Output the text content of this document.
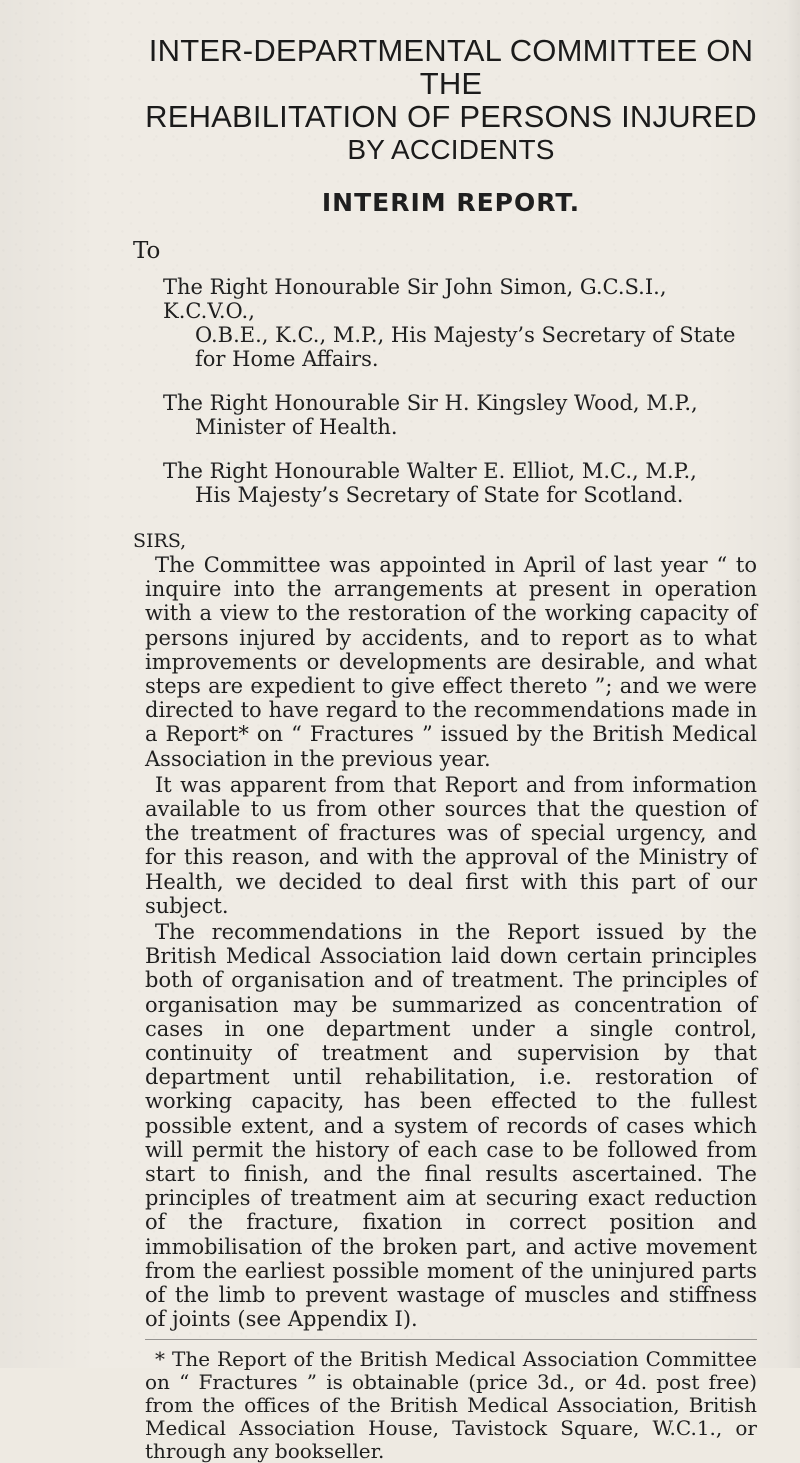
INTER-DEPARTMENTAL COMMITTEE ON THE
REHABILITATION OF PERSONS INJURED
BY ACCIDENTS
INTERIM REPORT.
To
The Right Honourable Sir John Simon, G.C.S.I., K.C.V.O.,
O.B.E., K.C., M.P., His Majesty’s Secretary of State for Home Affairs.
The Right Honourable Sir H. Kingsley Wood, M.P.,
Minister of Health.
The Right Honourable Walter E. Elliot, M.C., M.P.,
His Majesty’s Secretary of State for Scotland.
SIRS,

The Committee was appointed in April of last year “ to inquire into the arrangements at present in operation with a view to the restoration of the working capacity of persons injured by accidents, and to report as to what improvements or developments are desirable, and what steps are expedient to give effect thereto ”; and we were directed to have regard to the recommendations made in a Report* on “ Fractures ” issued by the British Medical Association in the previous year.

It was apparent from that Report and from information available to us from other sources that the question of the treatment of fractures was of special urgency, and for this reason, and with the approval of the Ministry of Health, we decided to deal first with this part of our subject.

The recommendations in the Report issued by the British Medical Association laid down certain principles both of organisation and of treatment. The principles of organisation may be summarized as concentration of cases in one department under a single control, continuity of treatment and supervision by that department until rehabilitation, i.e. restoration of working capacity, has been effected to the fullest possible extent, and a system of records of cases which will permit the history of each case to be followed from start to finish, and the final results ascertained. The principles of treatment aim at securing exact reduction of the fracture, fixation in correct position and immobilisation of the broken part, and active movement from the earliest possible moment of the uninjured parts of the limb to prevent wastage of muscles and stiffness of joints (see Appendix I).

* The Report of the British Medical Association Committee on “ Fractures ” is obtainable (price 3d., or 4d. post free) from the offices of the British Medical Association, British Medical Association House, Tavistock Square, W.C.1., or through any bookseller.
